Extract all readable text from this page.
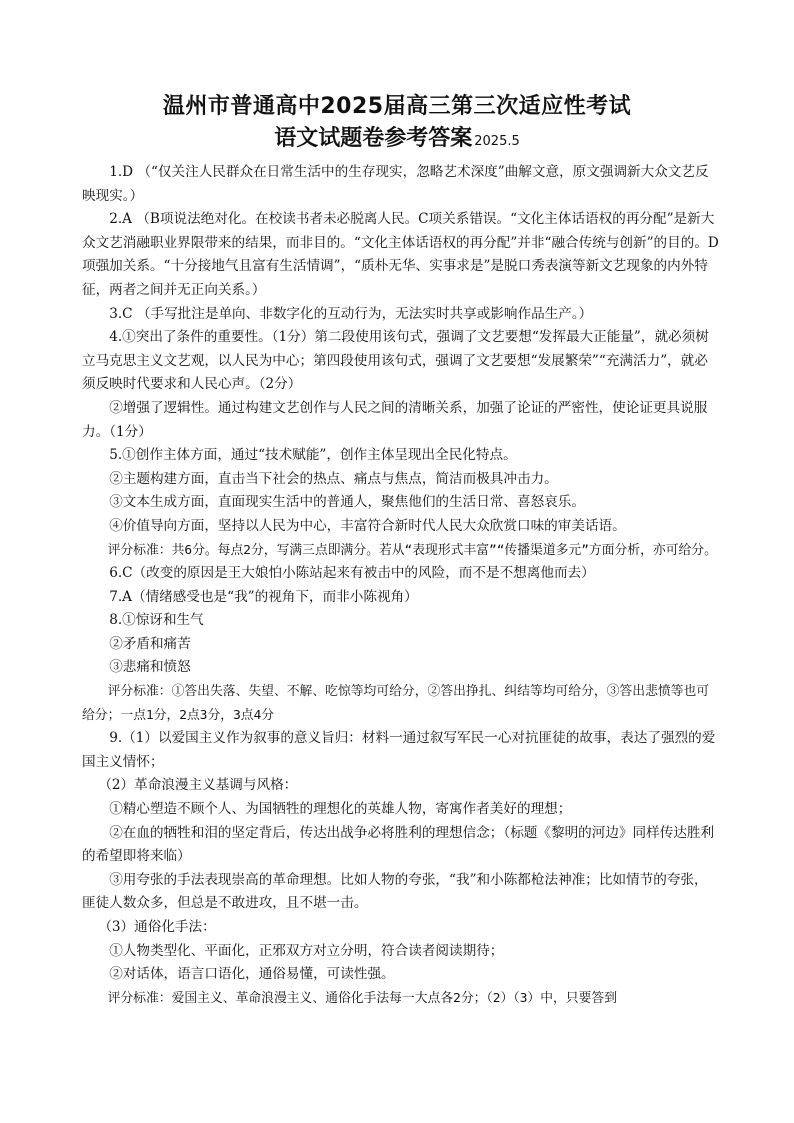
温州市普通高中2025届高三第三次适应性考试
语文试题卷参考答案 2025.5

1.D （“仅关注人民群众在日常生活中的生存现实，忽略艺术深度”曲解文意，原文强调新大众文艺反映现实。）

2.A （B项说法绝对化。在校读书者未必脱离人民。C项关系错误。“文化主体话语权的再分配”是新大众文艺消融职业界限带来的结果，而非目的。“文化主体话语权的再分配”并非“融合传统与创新”的目的。D项强加关系。“十分接地气且富有生活情调”，“质朴无华、实事求是”是脱口秀表演等新文艺现象的内外特征，两者之间并无正向关系。）

3.C （手写批注是单向、非数字化的互动行为，无法实时共享或影响作品生产。）

4.①突出了条件的重要性。（1分）第二段使用该句式，强调了文艺要想“发挥最大正能量”，就必须树立马克思主义文艺观，以人民为中心；第四段使用该句式，强调了文艺要想“发展繁荣”“充满活力”，就必须反映时代要求和人民心声。（2分）

②增强了逻辑性。通过构建文艺创作与人民之间的清晰关系，加强了论证的严密性，使论证更具说服力。（1分）

5.①创作主体方面，通过“技术赋能”，创作主体呈现出全民化特点。

②主题构建方面，直击当下社会的热点、痛点与焦点，简洁而极具冲击力。

③文本生成方面，直面现实生活中的普通人，聚焦他们的生活日常、喜怒哀乐。

④价值导向方面，坚持以人民为中心，丰富符合新时代人民大众欣赏口味的审美话语。

评分标准：共6分。每点2分，写满三点即满分。若从“表现形式丰富”“传播渠道多元”方面分析，亦可给分。

6.C（改变的原因是王大娘怕小陈站起来有被击中的风险，而不是不想离他而去）

7.A（情绪感受也是“我”的视角下，而非小陈视角）

8.①惊讶和生气

②矛盾和痛苦

③悲痛和愤怒

评分标准：①答出失落、失望、不解、吃惊等均可给分，②答出挣扎、纠结等均可给分，③答出悲愤等也可给分；一点1分，2点3分，3点4分

9.（1）以爱国主义作为叙事的意义旨归：材料一通过叙写军民一心对抗匪徒的故事，表达了强烈的爱国主义情怀；

（2）革命浪漫主义基调与风格：

①精心塑造不顾个人、为国牺牲的理想化的英雄人物，寄寓作者美好的理想；

②在血的牺牲和泪的坚定背后，传达出战争必将胜利的理想信念；（标题《黎明的河边》同样传达胜利的希望即将来临）

③用夸张的手法表现崇高的革命理想。比如人物的夸张，“我”和小陈都枪法神准；比如情节的夸张，匪徒人数众多，但总是不敢进攻，且不堪一击。

（3）通俗化手法：

①人物类型化、平面化，正邪双方对立分明，符合读者阅读期待；

②对话体，语言口语化，通俗易懂，可读性强。

评分标准：爱国主义、革命浪漫主义、通俗化手法每一大点各2分；（2）（3）中，只要答到
